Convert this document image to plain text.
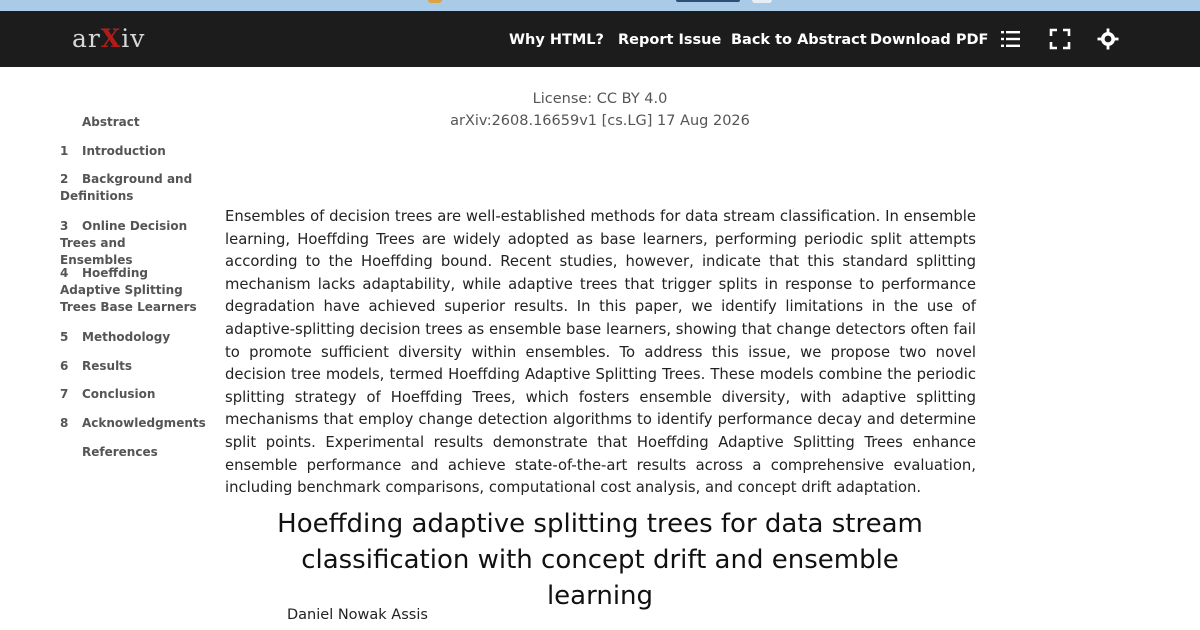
arXiv	Why HTML? Report Issue Back to Abstract Download PDF
License: CC BY 4.0
arXiv:2608.16659v1 [cs.LG] 17 Aug 2026
Abstract
1	Introduction
2	Background and Definitions
3	Online Decision Trees and Ensembles
4	Hoeffding Adaptive Splitting Trees Base Learners
5	Methodology
6	Results
7	Conclusion
8	Acknowledgments
References

Ensembles of decision trees are well-established methods for data stream classification. In ensemble learning, Hoeffding Trees are widely adopted as base learners, performing periodic split attempts according to the Hoeffding bound. Recent studies, however, indicate that this standard splitting mechanism lacks adaptability, while adaptive trees that trigger splits in response to performance degradation have achieved superior results. In this paper, we identify limitations in the use of adaptive-splitting decision trees as ensemble base learners, showing that change detectors often fail to promote sufficient diversity within ensembles. To address this issue, we propose two novel decision tree models, termed Hoeffding Adaptive Splitting Trees. These models combine the periodic splitting strategy of Hoeffding Trees, which fosters ensemble diversity, with adaptive splitting mechanisms that employ change detection algorithms to identify performance decay and determine split points. Experimental results demonstrate that Hoeffding Adaptive Splitting Trees enhance ensemble performance and achieve state-of-the-art results across a comprehensive evaluation, including benchmark comparisons, computational cost analysis, and concept drift adaptation.

Hoeffding adaptive splitting trees for data stream classification with concept drift and ensemble learning
Daniel Nowak Assis
